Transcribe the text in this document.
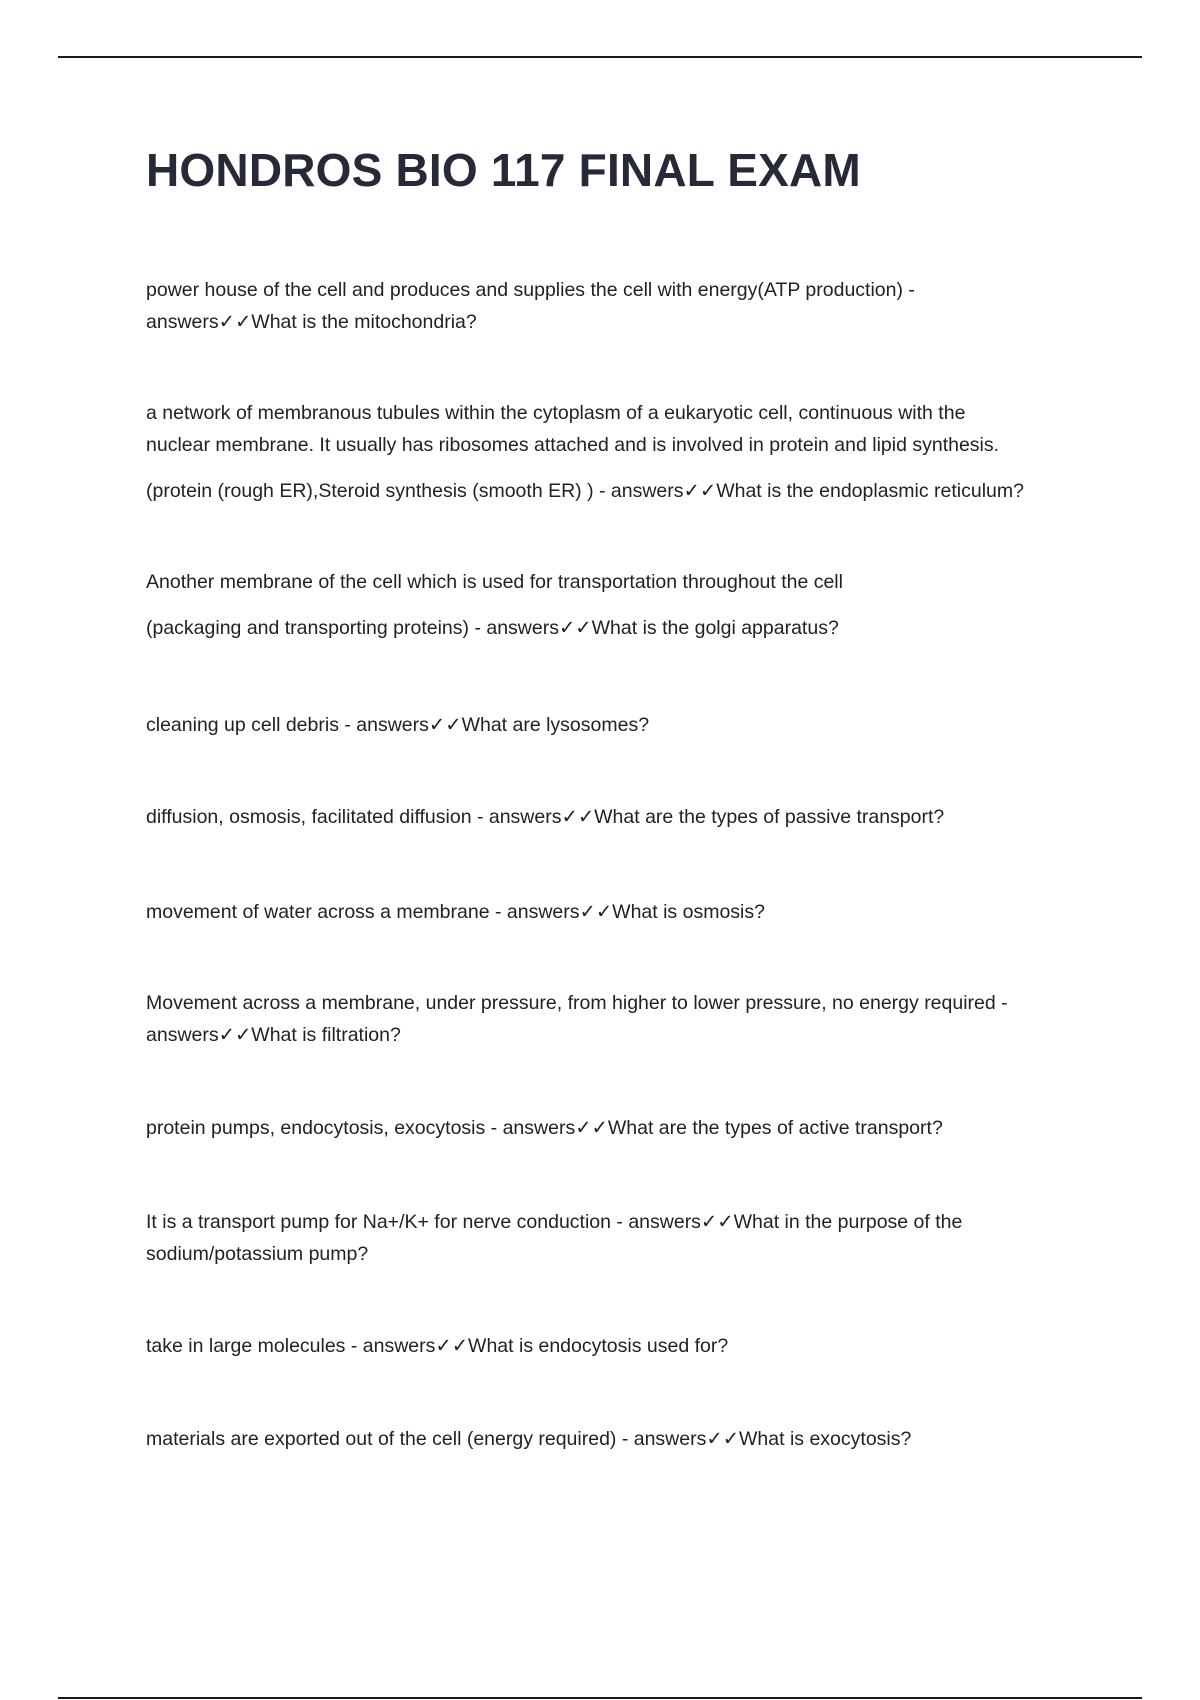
HONDROS BIO 117 FINAL EXAM

power house of the cell and produces and supplies the cell with energy(ATP production) -

answers✓✓What is the mitochondria?

a network of membranous tubules within the cytoplasm of a eukaryotic cell, continuous with the

nuclear membrane. It usually has ribosomes attached and is involved in protein and lipid synthesis.

(protein (rough ER),Steroid synthesis (smooth ER) ) - answers✓✓What is the endoplasmic reticulum?

Another membrane of the cell which is used for transportation throughout the cell

(packaging and transporting proteins) - answers✓✓What is the golgi apparatus?

cleaning up cell debris - answers✓✓What are lysosomes?

diffusion, osmosis, facilitated diffusion - answers✓✓What are the types of passive transport?

movement of water across a membrane - answers✓✓What is osmosis?

Movement across a membrane, under pressure, from higher to lower pressure, no energy required -

answers✓✓What is filtration?

protein pumps, endocytosis, exocytosis - answers✓✓What are the types of active transport?

It is a transport pump for Na+/K+ for nerve conduction - answers✓✓What in the purpose of the

sodium/potassium pump?

take in large molecules - answers✓✓What is endocytosis used for?

materials are exported out of the cell (energy required) - answers✓✓What is exocytosis?
